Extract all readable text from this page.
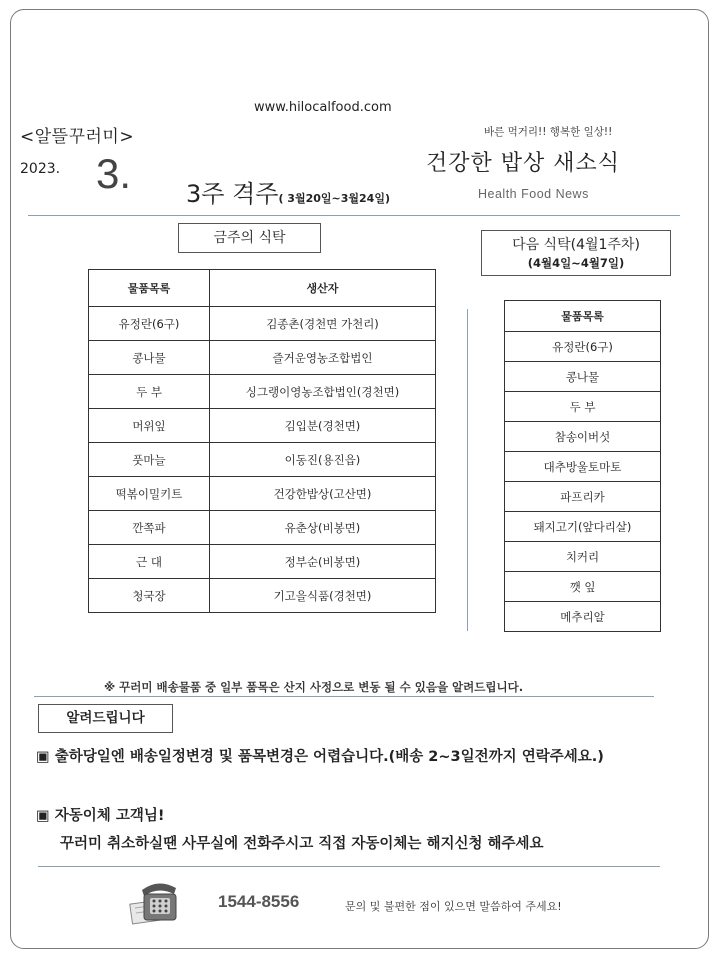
www.hilocalfood.com
<알뜰꾸러미>	바른 먹거리!! 행복한 일상!!
2023. 3. 3주 격주( 3월20일~3월24일)
건강한 밥상 새소식
Health Food News
금주의 식탁	다음 식탁(4월1주차)
(4월4일~4월7일)
물품목록	생산자
유정란(6구)	김종촌(경천면 가천리)
콩나물	즐거운영농조합법인
두 부	싱그랭이영농조합법인(경천면)
머위잎	김입분(경천면)
풋마늘	이동진(용진읍)
떡볶이밀키트	건강한밥상(고산면)
깐쪽파	유춘상(비봉면)
근 대	정부순(비봉면)
청국장	기고을식품(경천면)
물품목록
유정란(6구)
콩나물
두 부
참송이버섯
대추방울토마토
파프리카
돼지고기(앞다리살)
치커리
깻 잎
메추리알
※ 꾸러미 배송물품 중 일부 품목은 산지 사정으로 변동 될 수 있음을 알려드립니다.
알려드립니다
▣ 출하당일엔 배송일정변경 및 품목변경은 어렵습니다.(배송 2~3일전까지 연락주세요.)
▣ 자동이체 고객님!
꾸러미 취소하실땐 사무실에 전화주시고 직접 자동이체는 해지신청 해주세요
1544-8556	문의 및 불편한 점이 있으면 말씀하여 주세요!
